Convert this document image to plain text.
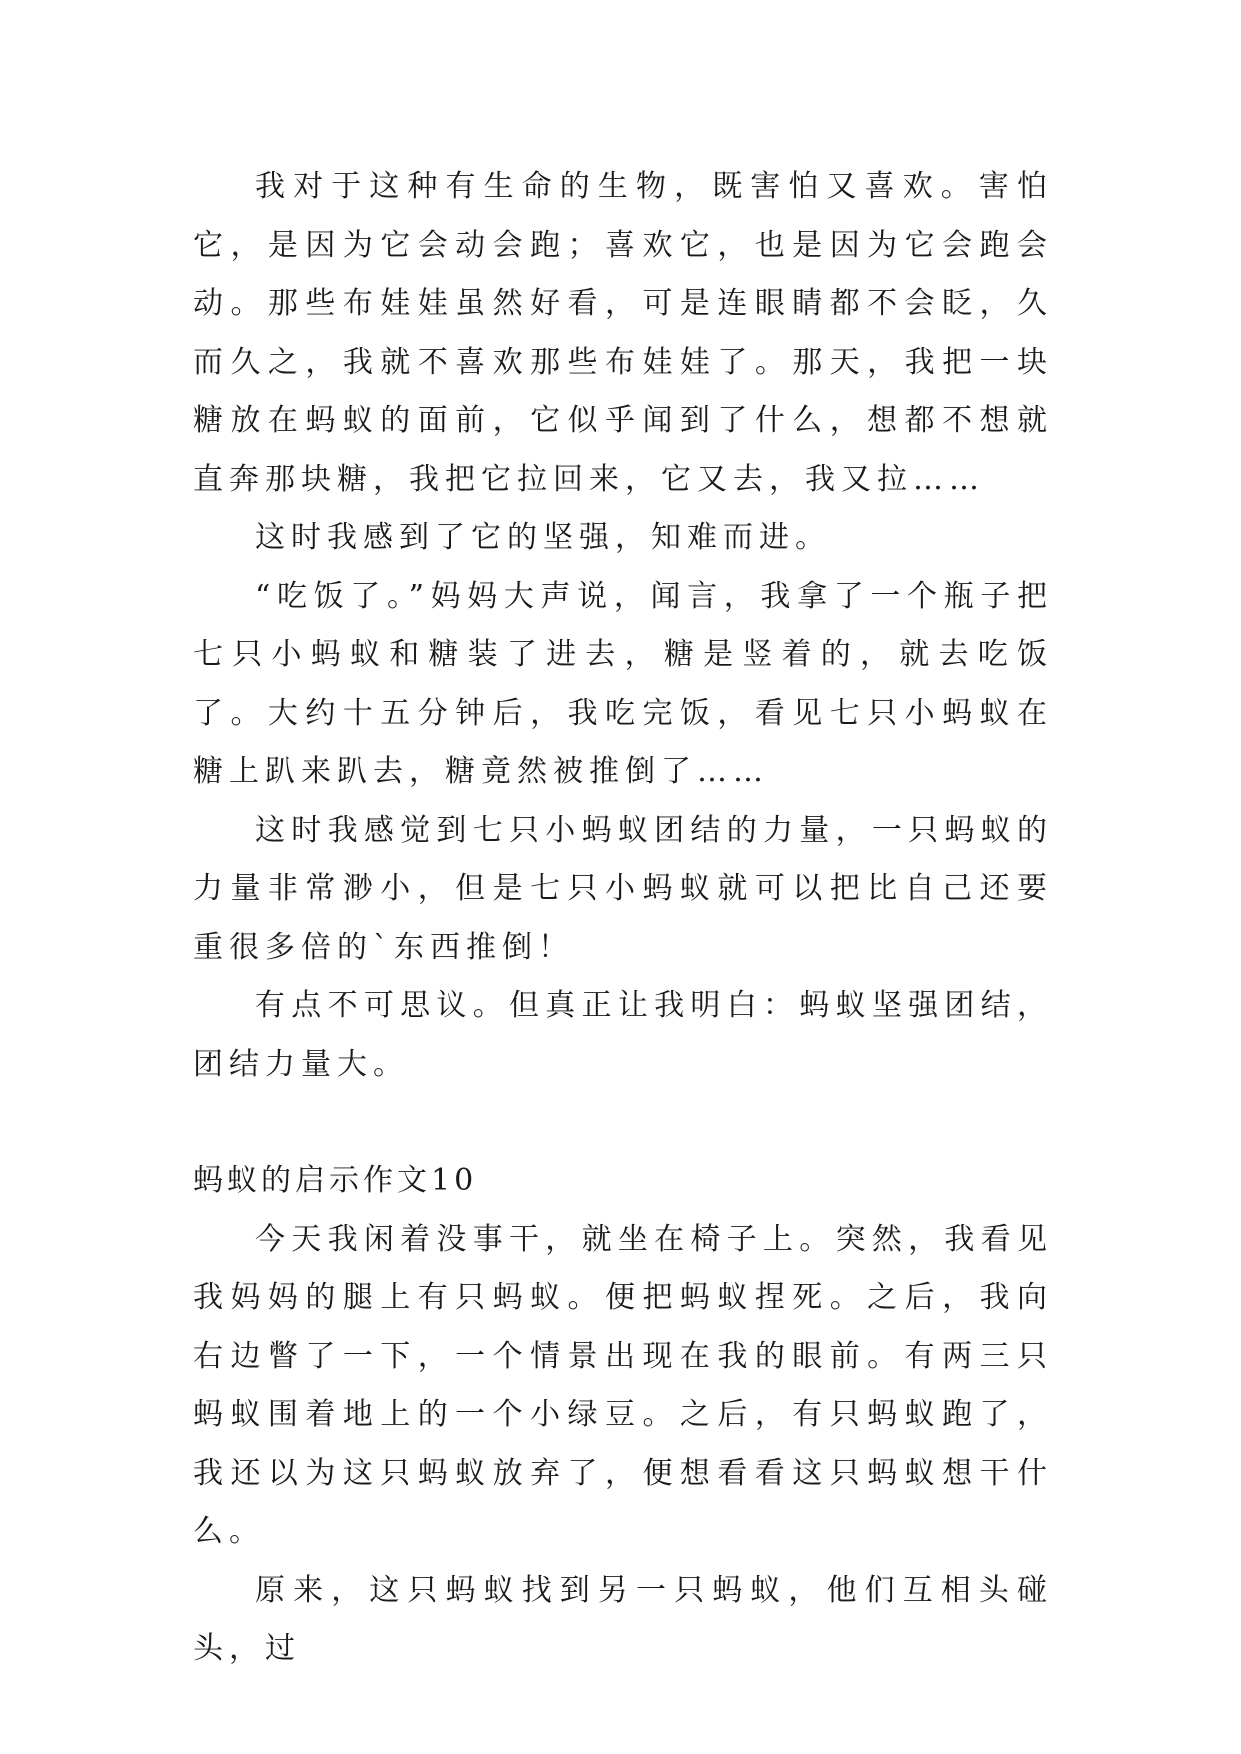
我对于这种有生命的生物，既害怕又喜欢。害怕它，是因为它会动会跑；喜欢它，也是因为它会跑会动。那些布娃娃虽然好看，可是连眼睛都不会眨，久而久之，我就不喜欢那些布娃娃了。那天，我把一块糖放在蚂蚁的面前，它似乎闻到了什么，想都不想就直奔那块糖，我把它拉回来，它又去，我又拉……

这时我感到了它的坚强，知难而进。

“吃饭了。”妈妈大声说，闻言，我拿了一个瓶子把七只小蚂蚁和糖装了进去，糖是竖着的，就去吃饭了。大约十五分钟后，我吃完饭，看见七只小蚂蚁在糖上趴来趴去，糖竟然被推倒了……

这时我感觉到七只小蚂蚁团结的力量，一只蚂蚁的力量非常渺小，但是七只小蚂蚁就可以把比自己还要重很多倍的`东西推倒！

有点不可思议。但真正让我明白：蚂蚁坚强团结，团结力量大。

蚂蚁的启示作文10

今天我闲着没事干，就坐在椅子上。突然，我看见我妈妈的腿上有只蚂蚁。便把蚂蚁捏死。之后，我向右边瞥了一下，一个情景出现在我的眼前。有两三只蚂蚁围着地上的一个小绿豆。之后，有只蚂蚁跑了，我还以为这只蚂蚁放弃了，便想看看这只蚂蚁想干什么。

原来，这只蚂蚁找到另一只蚂蚁，他们互相头碰头，过
